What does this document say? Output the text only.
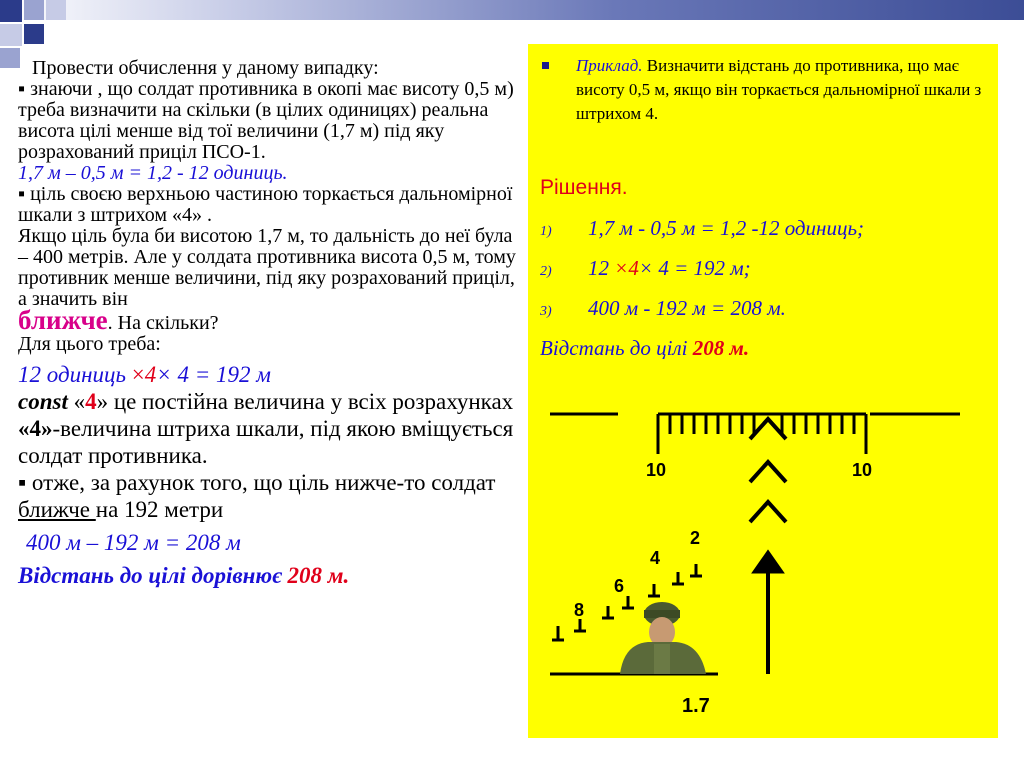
Провести обчислення у даному випадку:

▪ знаючи , що солдат противника в окопі має висоту 0,5 м) треба визначити на скільки (в цілих одиницях) реальна висота цілі менше від тої величини (1,7 м) під яку розрахований приціл ПСО-1.

1,7 м – 0,5 м = 1,2 - 12 одиниць.

▪ ціль своєю верхньою частиною торкається дальномірної шкали з штрихом «4» .

Якщо ціль була би висотою 1,7 м, то дальність до неї була – 400 метрів. Але у солдата противника висота 0,5 м, тому противник менше величини, під яку розрахований приціл, а значить він
ближче. На скільки?

Для цього треба:

12 одиниць ×4× 4 = 192 м

const «4» це постійна величина у всіх розрахунках

«4»-величина штриха шкали, під якою вміщується солдат противника.

▪ отже, за рахунок того, що ціль нижче-то солдат ближче на 192 метри

400 м – 192 м = 208 м

Відстань до цілі дорівнює 208 м.

Приклад. Визначити відстань до противника, що має висоту 0,5 м, якщо він торкається дальномірної шкали з штрихом 4.
Рішення.
1) 1,7 м - 0,5 м = 1,2 -12 одиниць;
2) 12 ×4× 4 = 192 м;
3) 400 м - 192 м = 208 м.
Відстань до цілі 208 м.
10	10
2
4
6
8
1.7
